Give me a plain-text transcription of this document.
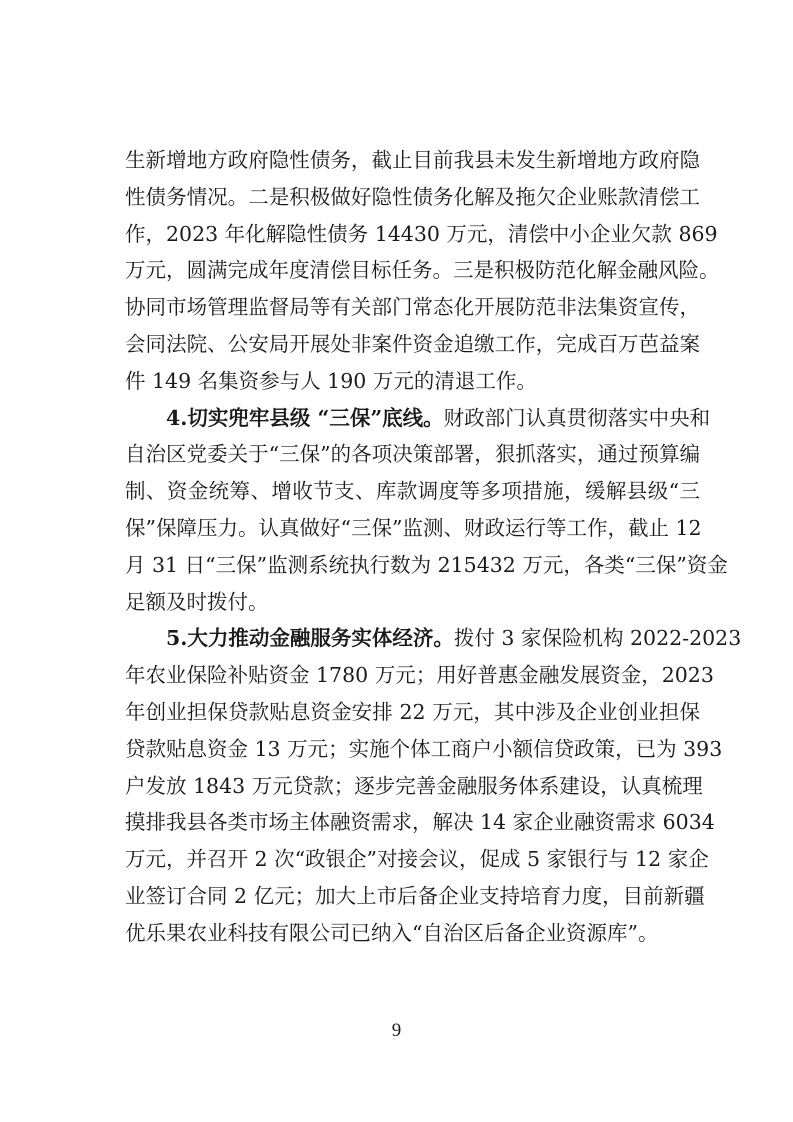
生新增地方政府隐性债务，截止目前我县未发生新增地方政府隐
性债务情况。二是积极做好隐性债务化解及拖欠企业账款清偿工
作，2023 年化解隐性债务 14430 万元，清偿中小企业欠款 869
万元，圆满完成年度清偿目标任务。三是积极防范化解金融风险。
协同市场管理监督局等有关部门常态化开展防范非法集资宣传，
会同法院、公安局开展处非案件资金追缴工作，完成百万芭益案
件 149 名集资参与人 190 万元的清退工作。

4.切实兜牢县级 “三保”底线。财政部门认真贯彻落实中央和
自治区党委关于“三保”的各项决策部署，狠抓落实，通过预算编
制、资金统筹、增收节支、库款调度等多项措施，缓解县级“三
保”保障压力。认真做好“三保”监测、财政运行等工作，截止 12
月 31 日“三保”监测系统执行数为 215432 万元，各类“三保”资金
足额及时拨付。

5.大力推动金融服务实体经济。拨付 3 家保险机构 2022-2023
年农业保险补贴资金 1780 万元；用好普惠金融发展资金，2023
年创业担保贷款贴息资金安排 22 万元，其中涉及企业创业担保
贷款贴息资金 13 万元；实施个体工商户小额信贷政策，已为 393
户发放 1843 万元贷款；逐步完善金融服务体系建设，认真梳理
摸排我县各类市场主体融资需求，解决 14 家企业融资需求 6034
万元，并召开 2 次“政银企”对接会议，促成 5 家银行与 12 家企
业签订合同 2 亿元；加大上市后备企业支持培育力度，目前新疆
优乐果农业科技有限公司已纳入“自治区后备企业资源库”。

9
